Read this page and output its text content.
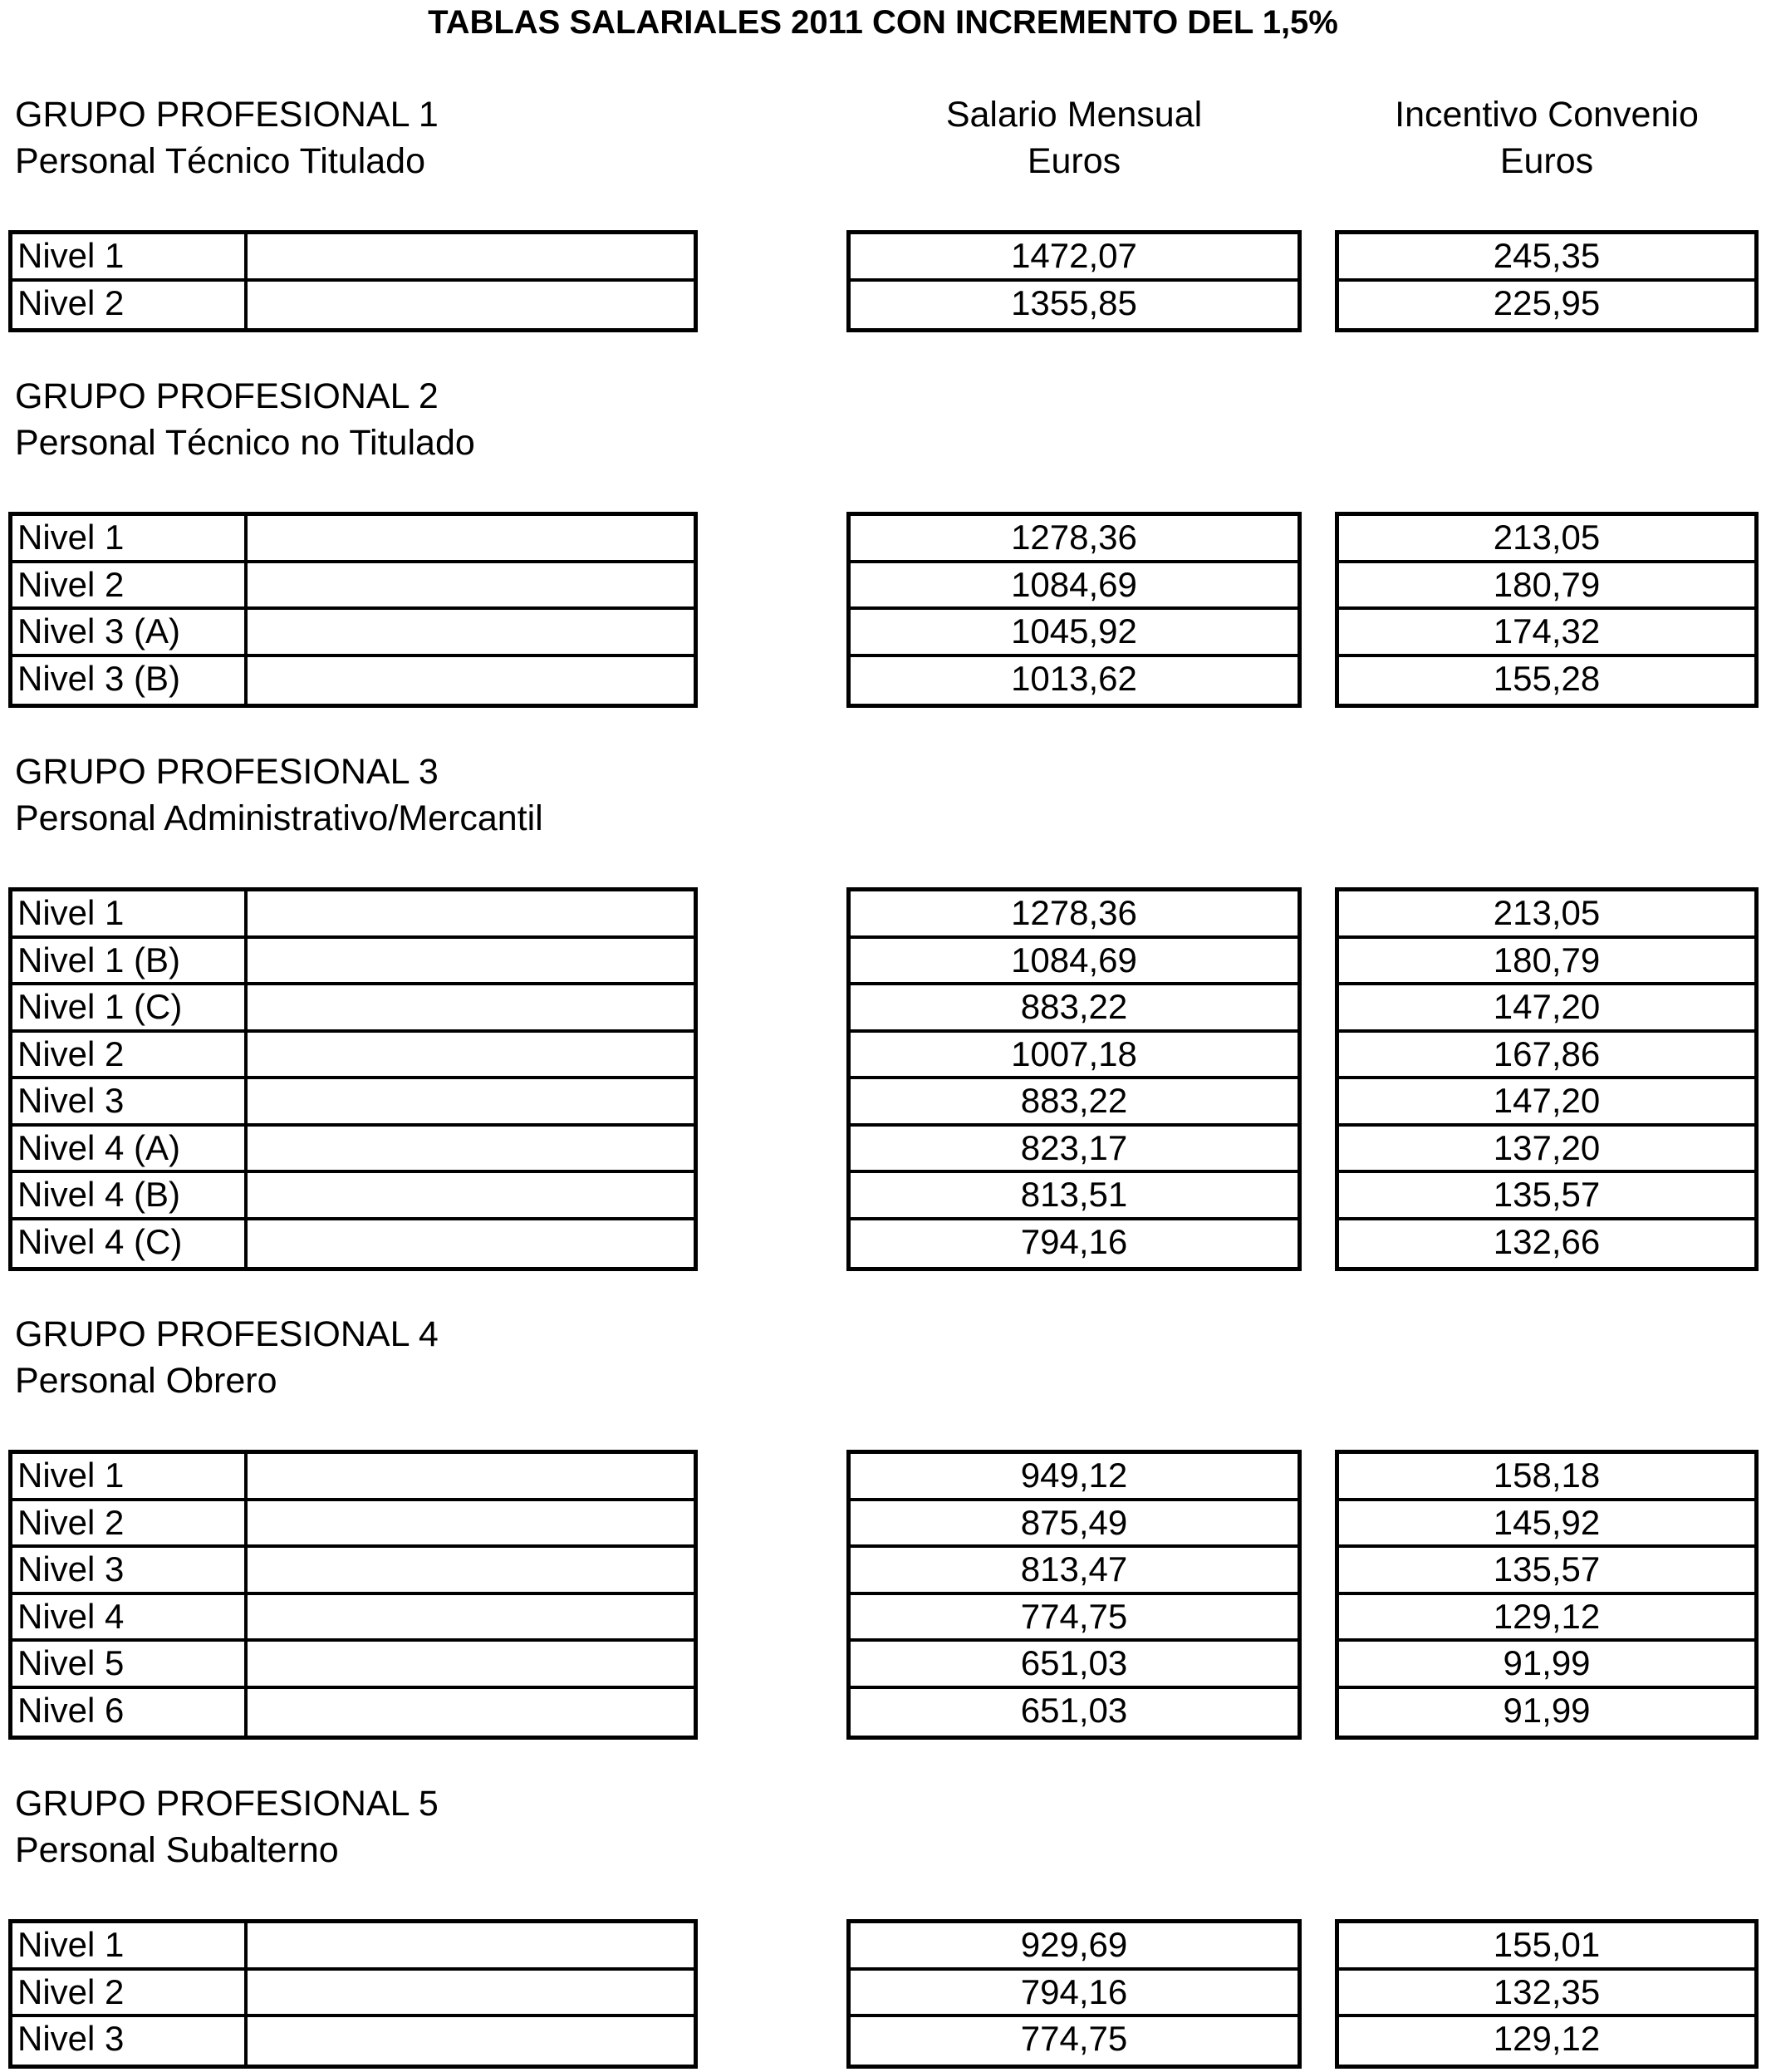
TABLAS SALARIALES 2011 CON INCREMENTO DEL 1,5%
Salario Mensual
Euros
Incentivo Convenio
Euros
GRUPO PROFESIONAL 1
Personal Técnico Titulado
Nivel 1
Nivel 2
1472,07
1355,85
245,35
225,95
GRUPO PROFESIONAL 2
Personal Técnico no Titulado
Nivel 1
Nivel 2
Nivel 3 (A)
Nivel 3 (B)
1278,36
1084,69
1045,92
1013,62
213,05
180,79
174,32
155,28
GRUPO PROFESIONAL 3
Personal Administrativo/Mercantil
Nivel 1
Nivel 1 (B)
Nivel 1 (C)
Nivel 2
Nivel 3
Nivel 4 (A)
Nivel 4 (B)
Nivel 4 (C)
1278,36
1084,69
883,22
1007,18
883,22
823,17
813,51
794,16
213,05
180,79
147,20
167,86
147,20
137,20
135,57
132,66
GRUPO PROFESIONAL 4
Personal Obrero
Nivel 1
Nivel 2
Nivel 3
Nivel 4
Nivel 5
Nivel 6
949,12
875,49
813,47
774,75
651,03
651,03
158,18
145,92
135,57
129,12
91,99
91,99
GRUPO PROFESIONAL 5
Personal Subalterno
Nivel 1
Nivel 2
Nivel 3
929,69
794,16
774,75
155,01
132,35
129,12
